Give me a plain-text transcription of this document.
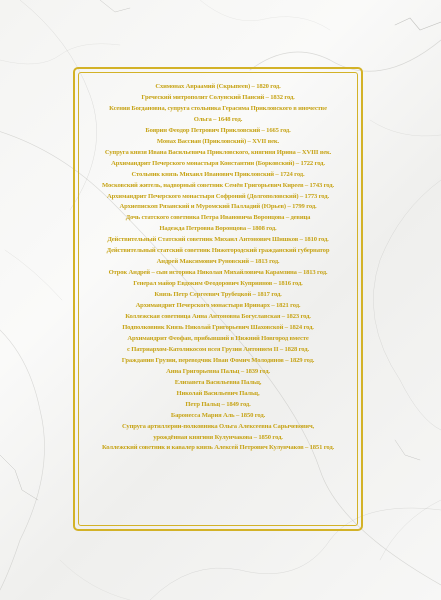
Схимонах Авраамий (Скрыпеев) – 1820 год.
Греческий митрополит Солунский Пансий – 1832 год.
Ксения Богдановна, супруга стольника Герасима Прикловского в иночестве
Ольга – 1648 год.
Боярин Феодор Петрович Прикловский – 1665 год.
Монах Вассиан (Прикловский) – XVII век.
Супруга князя Ивана Васильевича Прикловского, княгиня Ирина – XVIII век.
Архимандрит Печерского монастыря Константин (Борковский) – 1722 год.
Стольник князь Михаил Иванович Прикловский – 1724 год.
Московский житель, надворный советник Семён Григорьевич Киреев – 1743 год.
Архимандрит Печерского монастыря Софроний (Долгополовский) – 1773 год.
Архиепископ Рязанский и Муромский Палладий (Юрьев) – 1799 год.
Дочь статского советника Петра Ивановича Воронцова – девица
Надежда Петровна Воронцова – 1808 год.
Действительный Статский советник Михаил Антонович Шишков – 1810 год.
Действительный статский советник Нижегородский гражданский губернатор
Андрей Максимович Руновский – 1813 год.
Отрок Андрей – сын историка Николая Михайловича Карамзина – 1813 год.
Генерал майор Евдоким Феодорович Куприянов – 1816 год.
Князь Петр Сергеевич Трубецкой – 1817 год.
Архимандрит Печерского монастыря Иринарх – 1821 год.
Коллежская советница Анна Антоновна Богуславская – 1823 год.
Подполковник Князь Николай Григорьевич Шаховской – 1824 год.
Архимандрит Феофан, прибывший в Нижний Новгород вместе
с Патриархом-Католикосом всея Грузии Антонием II – 1828 год.
Гражданин Грузии, переводчик Иван Фомич Молодинов – 1829 год.
Анна Григорьевна Пальц – 1839 год.
Елизавета Васильевна Пальц,
Николай Васильевич Пальц,
Петр Пальц – 1849 год.
Баронесса Мария Аль – 1850 год.
Супруга артиллерии-полковника Ольга Алексеевна Сарычевович,
урождённая княгиня Кулунчакова – 1850 год.
Коллежский советник и кавалер князь Алексей Петрович Кулунчаков – 1851 год.
